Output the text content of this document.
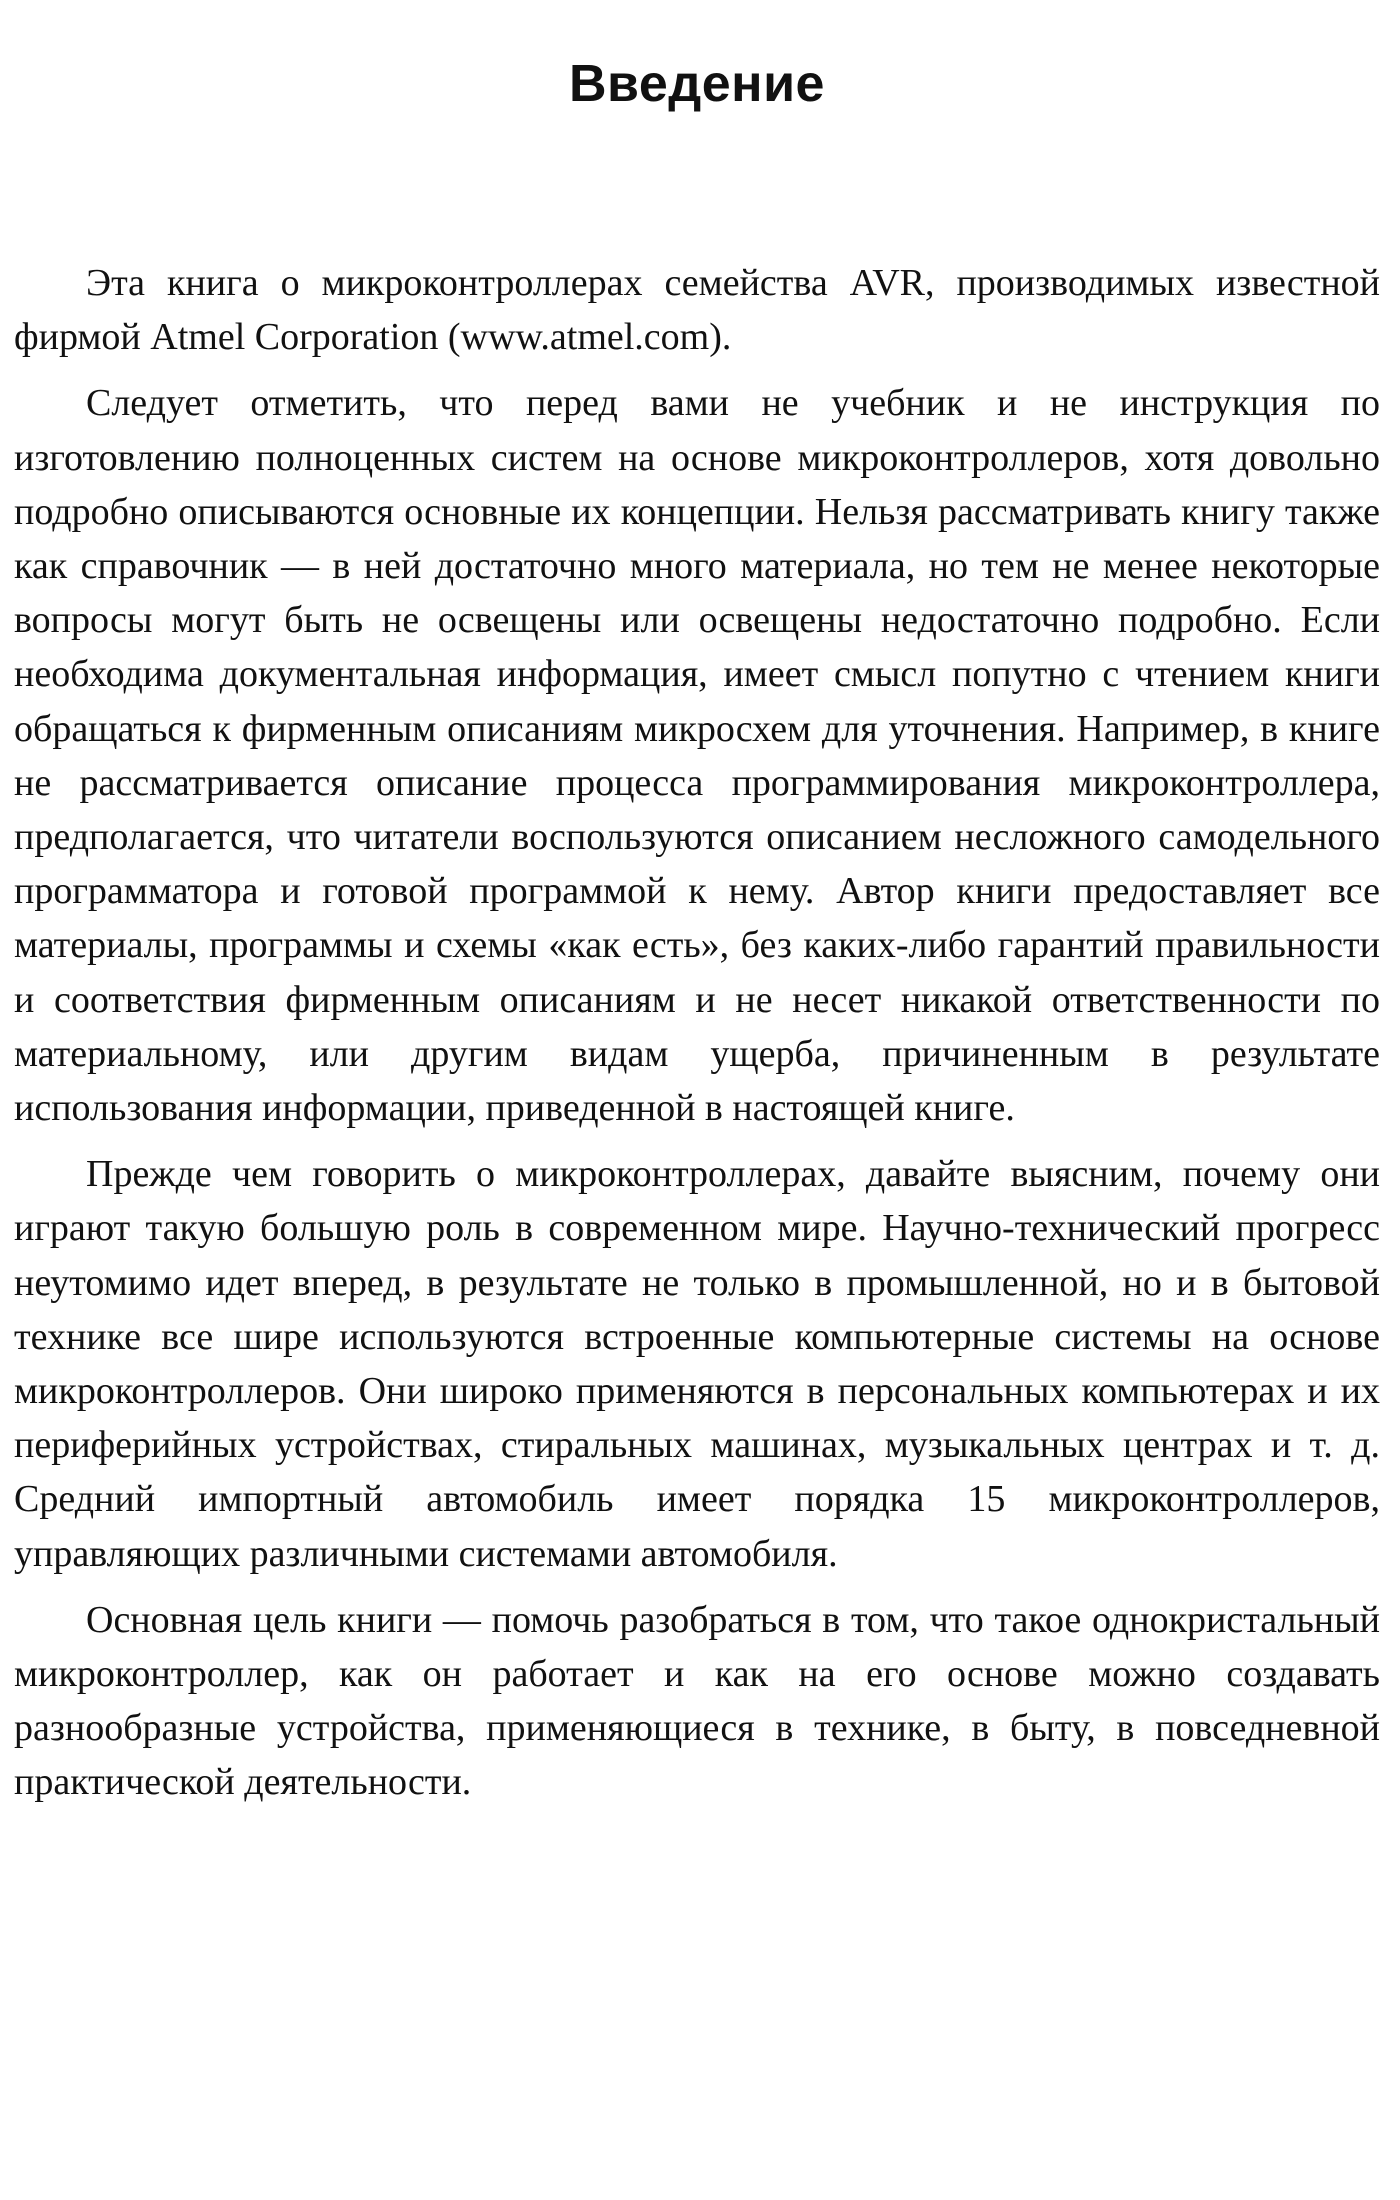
Введение

Эта книга о микроконтроллерах семейства AVR, производимых известной фирмой Atmel Corporation (www.atmel.com).

Следует отметить, что перед вами не учебник и не инструкция по изготовлению полноценных систем на основе микроконтроллеров, хотя довольно подробно описываются основные их концепции. Нельзя рассматривать книгу также как справочник — в ней достаточно много материала, но тем не менее некоторые вопросы могут быть не освещены или освещены недостаточно подробно. Если необходима документальная информация, имеет смысл попутно с чтением книги обращаться к фирменным описаниям микросхем для уточнения. Например, в книге не рассматривается описание процесса программирования микроконтроллера, предполагается, что читатели воспользуются описанием несложного самодельного программатора и готовой программой к нему. Автор книги предоставляет все материалы, программы и схемы «как есть», без каких-либо гарантий правильности и соответствия фирменным описаниям и не несет никакой ответственности по материальному, или другим видам ущерба, причиненным в результате использования информации, приведенной в настоящей книге.

Прежде чем говорить о микроконтроллерах, давайте выясним, почему они играют такую большую роль в современном мире. Научно-технический прогресс неутомимо идет вперед, в результате не только в промышленной, но и в бытовой технике все шире используются встроенные компьютерные системы на основе микроконтроллеров. Они широко применяются в персональных компьютерах и их периферийных устройствах, стиральных машинах, музыкальных центрах и т. д. Средний импортный автомобиль имеет порядка 15 микроконтроллеров, управляющих различными системами автомобиля.

Основная цель книги — помочь разобраться в том, что такое однокристальный микроконтроллер, как он работает и как на его основе можно создавать разнообразные устройства, применяющиеся в технике, в быту, в повседневной практической деятельности.
